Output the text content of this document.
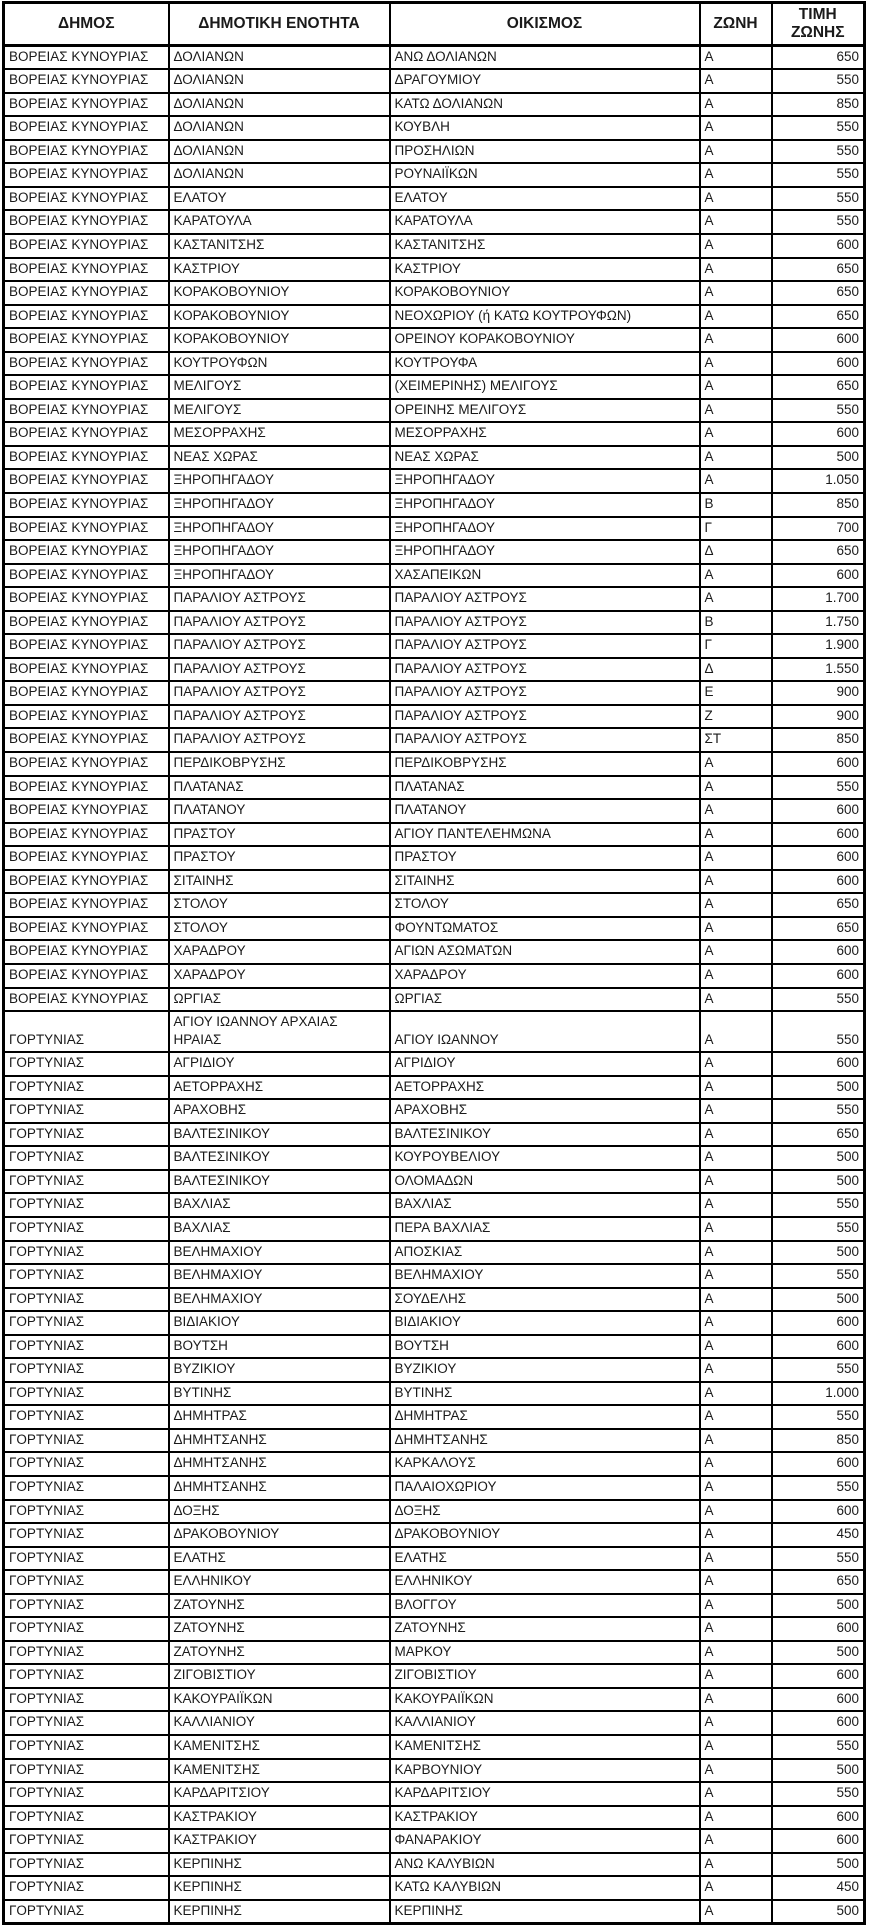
ΔΗΜΟΣ	ΔΗΜΟΤΙΚΗ ΕΝΟΤΗΤΑ	ΟΙΚΙΣΜΟΣ	ΖΩΝΗ	ΤΙΜΗ ΖΩΝΗΣ
ΒΟΡΕΙΑΣ ΚΥΝΟΥΡΙΑΣ	ΔΟΛΙΑΝΩΝ	ΑΝΩ ΔΟΛΙΑΝΩΝ	Α	650
ΒΟΡΕΙΑΣ ΚΥΝΟΥΡΙΑΣ	ΔΟΛΙΑΝΩΝ	ΔΡΑΓΟΥΜΙΟΥ	Α	550
ΒΟΡΕΙΑΣ ΚΥΝΟΥΡΙΑΣ	ΔΟΛΙΑΝΩΝ	ΚΑΤΩ ΔΟΛΙΑΝΩΝ	Α	850
ΒΟΡΕΙΑΣ ΚΥΝΟΥΡΙΑΣ	ΔΟΛΙΑΝΩΝ	ΚΟΥΒΛΗ	Α	550
ΒΟΡΕΙΑΣ ΚΥΝΟΥΡΙΑΣ	ΔΟΛΙΑΝΩΝ	ΠΡΟΣΗΛΙΩΝ	Α	550
ΒΟΡΕΙΑΣ ΚΥΝΟΥΡΙΑΣ	ΔΟΛΙΑΝΩΝ	ΡΟΥΝΑΙΪΚΩΝ	Α	550
ΒΟΡΕΙΑΣ ΚΥΝΟΥΡΙΑΣ	ΕΛΑΤΟΥ	ΕΛΑΤΟΥ	Α	550
ΒΟΡΕΙΑΣ ΚΥΝΟΥΡΙΑΣ	ΚΑΡΑΤΟΥΛΑ	ΚΑΡΑΤΟΥΛΑ	Α	550
ΒΟΡΕΙΑΣ ΚΥΝΟΥΡΙΑΣ	ΚΑΣΤΑΝΙΤΣΗΣ	ΚΑΣΤΑΝΙΤΣΗΣ	Α	600
ΒΟΡΕΙΑΣ ΚΥΝΟΥΡΙΑΣ	ΚΑΣΤΡΙΟΥ	ΚΑΣΤΡΙΟΥ	Α	650
ΒΟΡΕΙΑΣ ΚΥΝΟΥΡΙΑΣ	ΚΟΡΑΚΟΒΟΥΝΙΟΥ	ΚΟΡΑΚΟΒΟΥΝΙΟΥ	Α	650
ΒΟΡΕΙΑΣ ΚΥΝΟΥΡΙΑΣ	ΚΟΡΑΚΟΒΟΥΝΙΟΥ	ΝΕΟΧΩΡΙΟΥ (ή ΚΑΤΩ ΚΟΥΤΡΟΥΦΩΝ)	Α	650
ΒΟΡΕΙΑΣ ΚΥΝΟΥΡΙΑΣ	ΚΟΡΑΚΟΒΟΥΝΙΟΥ	ΟΡΕΙΝΟΥ ΚΟΡΑΚΟΒΟΥΝΙΟΥ	Α	600
ΒΟΡΕΙΑΣ ΚΥΝΟΥΡΙΑΣ	ΚΟΥΤΡΟΥΦΩΝ	ΚΟΥΤΡΟΥΦΑ	Α	600
ΒΟΡΕΙΑΣ ΚΥΝΟΥΡΙΑΣ	ΜΕΛΙΓΟΥΣ	(ΧΕΙΜΕΡΙΝΗΣ) ΜΕΛΙΓΟΥΣ	Α	650
ΒΟΡΕΙΑΣ ΚΥΝΟΥΡΙΑΣ	ΜΕΛΙΓΟΥΣ	ΟΡΕΙΝΗΣ ΜΕΛΙΓΟΥΣ	Α	550
ΒΟΡΕΙΑΣ ΚΥΝΟΥΡΙΑΣ	ΜΕΣΟΡΡΑΧΗΣ	ΜΕΣΟΡΡΑΧΗΣ	Α	600
ΒΟΡΕΙΑΣ ΚΥΝΟΥΡΙΑΣ	ΝΕΑΣ ΧΩΡΑΣ	ΝΕΑΣ ΧΩΡΑΣ	Α	500
ΒΟΡΕΙΑΣ ΚΥΝΟΥΡΙΑΣ	ΞΗΡΟΠΗΓΑΔΟΥ	ΞΗΡΟΠΗΓΑΔΟΥ	Α	1.050
ΒΟΡΕΙΑΣ ΚΥΝΟΥΡΙΑΣ	ΞΗΡΟΠΗΓΑΔΟΥ	ΞΗΡΟΠΗΓΑΔΟΥ	Β	850
ΒΟΡΕΙΑΣ ΚΥΝΟΥΡΙΑΣ	ΞΗΡΟΠΗΓΑΔΟΥ	ΞΗΡΟΠΗΓΑΔΟΥ	Γ	700
ΒΟΡΕΙΑΣ ΚΥΝΟΥΡΙΑΣ	ΞΗΡΟΠΗΓΑΔΟΥ	ΞΗΡΟΠΗΓΑΔΟΥ	Δ	650
ΒΟΡΕΙΑΣ ΚΥΝΟΥΡΙΑΣ	ΞΗΡΟΠΗΓΑΔΟΥ	ΧΑΣΑΠΕΙΚΩΝ	Α	600
ΒΟΡΕΙΑΣ ΚΥΝΟΥΡΙΑΣ	ΠΑΡΑΛΙΟΥ ΑΣΤΡΟΥΣ	ΠΑΡΑΛΙΟΥ ΑΣΤΡΟΥΣ	Α	1.700
ΒΟΡΕΙΑΣ ΚΥΝΟΥΡΙΑΣ	ΠΑΡΑΛΙΟΥ ΑΣΤΡΟΥΣ	ΠΑΡΑΛΙΟΥ ΑΣΤΡΟΥΣ	Β	1.750
ΒΟΡΕΙΑΣ ΚΥΝΟΥΡΙΑΣ	ΠΑΡΑΛΙΟΥ ΑΣΤΡΟΥΣ	ΠΑΡΑΛΙΟΥ ΑΣΤΡΟΥΣ	Γ	1.900
ΒΟΡΕΙΑΣ ΚΥΝΟΥΡΙΑΣ	ΠΑΡΑΛΙΟΥ ΑΣΤΡΟΥΣ	ΠΑΡΑΛΙΟΥ ΑΣΤΡΟΥΣ	Δ	1.550
ΒΟΡΕΙΑΣ ΚΥΝΟΥΡΙΑΣ	ΠΑΡΑΛΙΟΥ ΑΣΤΡΟΥΣ	ΠΑΡΑΛΙΟΥ ΑΣΤΡΟΥΣ	Ε	900
ΒΟΡΕΙΑΣ ΚΥΝΟΥΡΙΑΣ	ΠΑΡΑΛΙΟΥ ΑΣΤΡΟΥΣ	ΠΑΡΑΛΙΟΥ ΑΣΤΡΟΥΣ	Ζ	900
ΒΟΡΕΙΑΣ ΚΥΝΟΥΡΙΑΣ	ΠΑΡΑΛΙΟΥ ΑΣΤΡΟΥΣ	ΠΑΡΑΛΙΟΥ ΑΣΤΡΟΥΣ	ΣΤ	850
ΒΟΡΕΙΑΣ ΚΥΝΟΥΡΙΑΣ	ΠΕΡΔΙΚΟΒΡΥΣΗΣ	ΠΕΡΔΙΚΟΒΡΥΣΗΣ	Α	600
ΒΟΡΕΙΑΣ ΚΥΝΟΥΡΙΑΣ	ΠΛΑΤΑΝΑΣ	ΠΛΑΤΑΝΑΣ	Α	550
ΒΟΡΕΙΑΣ ΚΥΝΟΥΡΙΑΣ	ΠΛΑΤΑΝΟΥ	ΠΛΑΤΑΝΟΥ	Α	600
ΒΟΡΕΙΑΣ ΚΥΝΟΥΡΙΑΣ	ΠΡΑΣΤΟΥ	ΑΓΙΟΥ ΠΑΝΤΕΛΕΗΜΩΝΑ	Α	600
ΒΟΡΕΙΑΣ ΚΥΝΟΥΡΙΑΣ	ΠΡΑΣΤΟΥ	ΠΡΑΣΤΟΥ	Α	600
ΒΟΡΕΙΑΣ ΚΥΝΟΥΡΙΑΣ	ΣΙΤΑΙΝΗΣ	ΣΙΤΑΙΝΗΣ	Α	600
ΒΟΡΕΙΑΣ ΚΥΝΟΥΡΙΑΣ	ΣΤΟΛΟΥ	ΣΤΟΛΟΥ	Α	650
ΒΟΡΕΙΑΣ ΚΥΝΟΥΡΙΑΣ	ΣΤΟΛΟΥ	ΦΟΥΝΤΩΜΑΤΟΣ	Α	650
ΒΟΡΕΙΑΣ ΚΥΝΟΥΡΙΑΣ	ΧΑΡΑΔΡΟΥ	ΑΓΙΩΝ ΑΣΩΜΑΤΩΝ	Α	600
ΒΟΡΕΙΑΣ ΚΥΝΟΥΡΙΑΣ	ΧΑΡΑΔΡΟΥ	ΧΑΡΑΔΡΟΥ	Α	600
ΒΟΡΕΙΑΣ ΚΥΝΟΥΡΙΑΣ	ΩΡΓΙΑΣ	ΩΡΓΙΑΣ	Α	550
ΓΟΡΤΥΝΙΑΣ	ΑΓΙΟΥ ΙΩΑΝΝΟΥ ΑΡΧΑΙΑΣ ΗΡΑΙΑΣ	ΑΓΙΟΥ ΙΩΑΝΝΟΥ	Α	550
ΓΟΡΤΥΝΙΑΣ	ΑΓΡΙΔΙΟΥ	ΑΓΡΙΔΙΟΥ	Α	600
ΓΟΡΤΥΝΙΑΣ	ΑΕΤΟΡΡΑΧΗΣ	ΑΕΤΟΡΡΑΧΗΣ	Α	500
ΓΟΡΤΥΝΙΑΣ	ΑΡΑΧΟΒΗΣ	ΑΡΑΧΟΒΗΣ	Α	550
ΓΟΡΤΥΝΙΑΣ	ΒΑΛΤΕΣΙΝΙΚΟΥ	ΒΑΛΤΕΣΙΝΙΚΟΥ	Α	650
ΓΟΡΤΥΝΙΑΣ	ΒΑΛΤΕΣΙΝΙΚΟΥ	ΚΟΥΡΟΥΒΕΛΙΟΥ	Α	500
ΓΟΡΤΥΝΙΑΣ	ΒΑΛΤΕΣΙΝΙΚΟΥ	ΟΛΟΜΑΔΩΝ	Α	500
ΓΟΡΤΥΝΙΑΣ	ΒΑΧΛΙΑΣ	ΒΑΧΛΙΑΣ	Α	550
ΓΟΡΤΥΝΙΑΣ	ΒΑΧΛΙΑΣ	ΠΕΡΑ ΒΑΧΛΙΑΣ	Α	550
ΓΟΡΤΥΝΙΑΣ	ΒΕΛΗΜΑΧΙΟΥ	ΑΠΟΣΚΙΑΣ	Α	500
ΓΟΡΤΥΝΙΑΣ	ΒΕΛΗΜΑΧΙΟΥ	ΒΕΛΗΜΑΧΙΟΥ	Α	550
ΓΟΡΤΥΝΙΑΣ	ΒΕΛΗΜΑΧΙΟΥ	ΣΟΥΔΕΛΗΣ	Α	500
ΓΟΡΤΥΝΙΑΣ	ΒΙΔΙΑΚΙΟΥ	ΒΙΔΙΑΚΙΟΥ	Α	600
ΓΟΡΤΥΝΙΑΣ	ΒΟΥΤΣΗ	ΒΟΥΤΣΗ	Α	600
ΓΟΡΤΥΝΙΑΣ	ΒΥΖΙΚΙΟΥ	ΒΥΖΙΚΙΟΥ	Α	550
ΓΟΡΤΥΝΙΑΣ	ΒΥΤΙΝΗΣ	ΒΥΤΙΝΗΣ	Α	1.000
ΓΟΡΤΥΝΙΑΣ	ΔΗΜΗΤΡΑΣ	ΔΗΜΗΤΡΑΣ	Α	550
ΓΟΡΤΥΝΙΑΣ	ΔΗΜΗΤΣΑΝΗΣ	ΔΗΜΗΤΣΑΝΗΣ	Α	850
ΓΟΡΤΥΝΙΑΣ	ΔΗΜΗΤΣΑΝΗΣ	ΚΑΡΚΑΛΟΥΣ	Α	600
ΓΟΡΤΥΝΙΑΣ	ΔΗΜΗΤΣΑΝΗΣ	ΠΑΛΑΙΟΧΩΡΙΟΥ	Α	550
ΓΟΡΤΥΝΙΑΣ	ΔΟΞΗΣ	ΔΟΞΗΣ	Α	600
ΓΟΡΤΥΝΙΑΣ	ΔΡΑΚΟΒΟΥΝΙΟΥ	ΔΡΑΚΟΒΟΥΝΙΟΥ	Α	450
ΓΟΡΤΥΝΙΑΣ	ΕΛΑΤΗΣ	ΕΛΑΤΗΣ	Α	550
ΓΟΡΤΥΝΙΑΣ	ΕΛΛΗΝΙΚΟΥ	ΕΛΛΗΝΙΚΟΥ	Α	650
ΓΟΡΤΥΝΙΑΣ	ΖΑΤΟΥΝΗΣ	ΒΛΟΓΓΟΥ	Α	500
ΓΟΡΤΥΝΙΑΣ	ΖΑΤΟΥΝΗΣ	ΖΑΤΟΥΝΗΣ	Α	600
ΓΟΡΤΥΝΙΑΣ	ΖΑΤΟΥΝΗΣ	ΜΑΡΚΟΥ	Α	500
ΓΟΡΤΥΝΙΑΣ	ΖΙΓΟΒΙΣΤΙΟΥ	ΖΙΓΟΒΙΣΤΙΟΥ	Α	600
ΓΟΡΤΥΝΙΑΣ	ΚΑΚΟΥΡΑΙΪΚΩΝ	ΚΑΚΟΥΡΑΙΪΚΩΝ	Α	600
ΓΟΡΤΥΝΙΑΣ	ΚΑΛΛΙΑΝΙΟΥ	ΚΑΛΛΙΑΝΙΟΥ	Α	600
ΓΟΡΤΥΝΙΑΣ	ΚΑΜΕΝΙΤΣΗΣ	ΚΑΜΕΝΙΤΣΗΣ	Α	550
ΓΟΡΤΥΝΙΑΣ	ΚΑΜΕΝΙΤΣΗΣ	ΚΑΡΒΟΥΝΙΟΥ	Α	500
ΓΟΡΤΥΝΙΑΣ	ΚΑΡΔΑΡΙΤΣΙΟΥ	ΚΑΡΔΑΡΙΤΣΙΟΥ	Α	550
ΓΟΡΤΥΝΙΑΣ	ΚΑΣΤΡΑΚΙΟΥ	ΚΑΣΤΡΑΚΙΟΥ	Α	600
ΓΟΡΤΥΝΙΑΣ	ΚΑΣΤΡΑΚΙΟΥ	ΦΑΝΑΡΑΚΙΟΥ	Α	600
ΓΟΡΤΥΝΙΑΣ	ΚΕΡΠΙΝΗΣ	ΑΝΩ ΚΑΛΥΒΙΩΝ	Α	500
ΓΟΡΤΥΝΙΑΣ	ΚΕΡΠΙΝΗΣ	ΚΑΤΩ ΚΑΛΥΒΙΩΝ	Α	450
ΓΟΡΤΥΝΙΑΣ	ΚΕΡΠΙΝΗΣ	ΚΕΡΠΙΝΗΣ	Α	500
